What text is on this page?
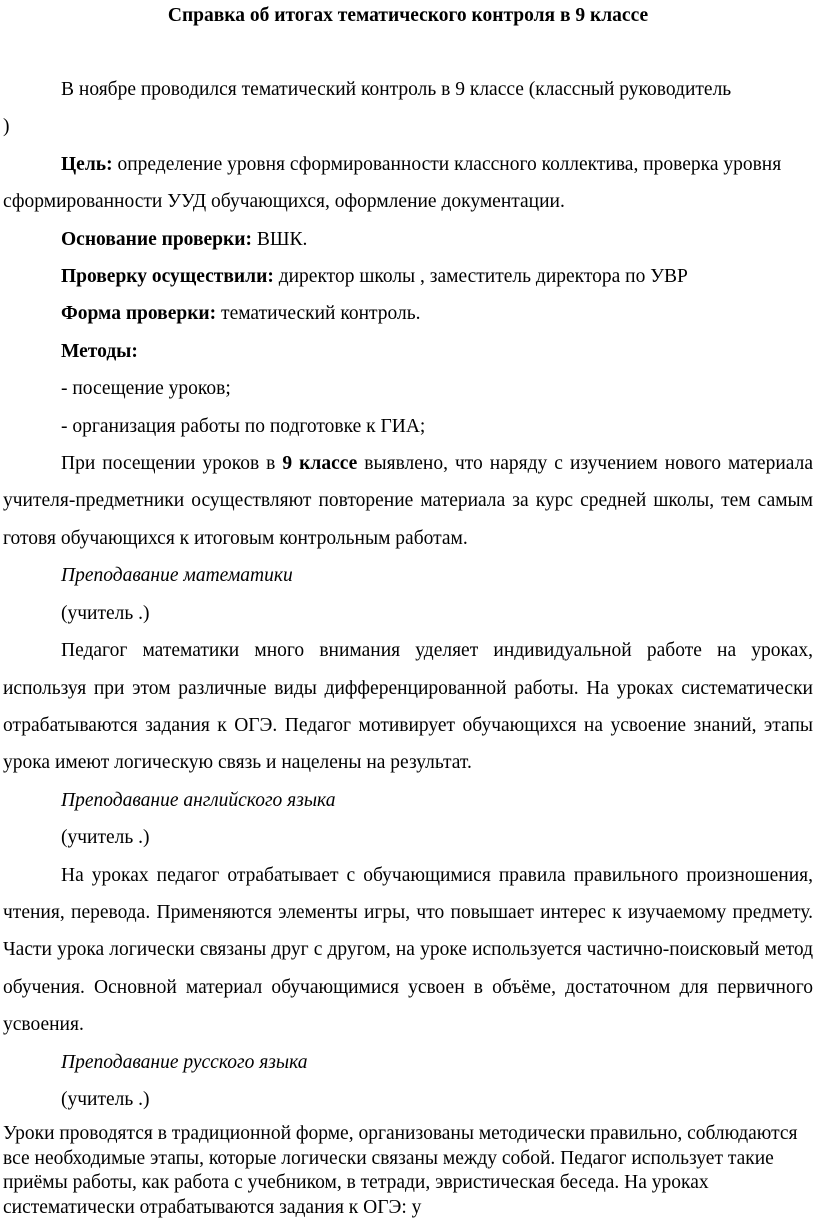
Справка об итогах тематического контроля в 9 классе

В ноябре проводился тематический контроль в 9 классе (классный руководитель

)

Цель: определение уровня сформированности классного коллектива, проверка уровня сформированности УУД обучающихся, оформление документации.

Основание проверки: ВШК.

Проверку осуществили: директор школы , заместитель директора по УВР

Форма проверки: тематический контроль.

Методы:

- посещение уроков;

- организация работы по подготовке к ГИА;

При посещении уроков в 9 классе выявлено, что наряду с изучением нового материала учителя-предметники осуществляют повторение материала за курс средней школы, тем самым готовя обучающихся к итоговым контрольным работам.

Преподавание математики

(учитель .)

Педагог математики много внимания уделяет индивидуальной работе на уроках, используя при этом различные виды дифференцированной работы. На уроках систематически отрабатываются задания к ОГЭ. Педагог мотивирует обучающихся на усвоение знаний, этапы урока имеют логическую связь и нацелены на результат.

Преподавание английского языка

(учитель .)

На уроках педагог отрабатывает с обучающимися правила правильного произношения, чтения, перевода. Применяются элементы игры, что повышает интерес к изучаемому предмету. Части урока логически связаны друг с другом, на уроке используется частично-поисковый метод обучения. Основной материал обучающимися усвоен в объёме, достаточном для первичного усвоения.

Преподавание русского языка

(учитель .)

Уроки проводятся в традиционной форме, организованы методически правильно, соблюдаются все необходимые этапы, которые логически связаны между собой. Педагог использует такие приёмы работы, как работа с учебником, в тетради, эвристическая беседа. На уроках систематически отрабатываются задания к ОГЭ: у
